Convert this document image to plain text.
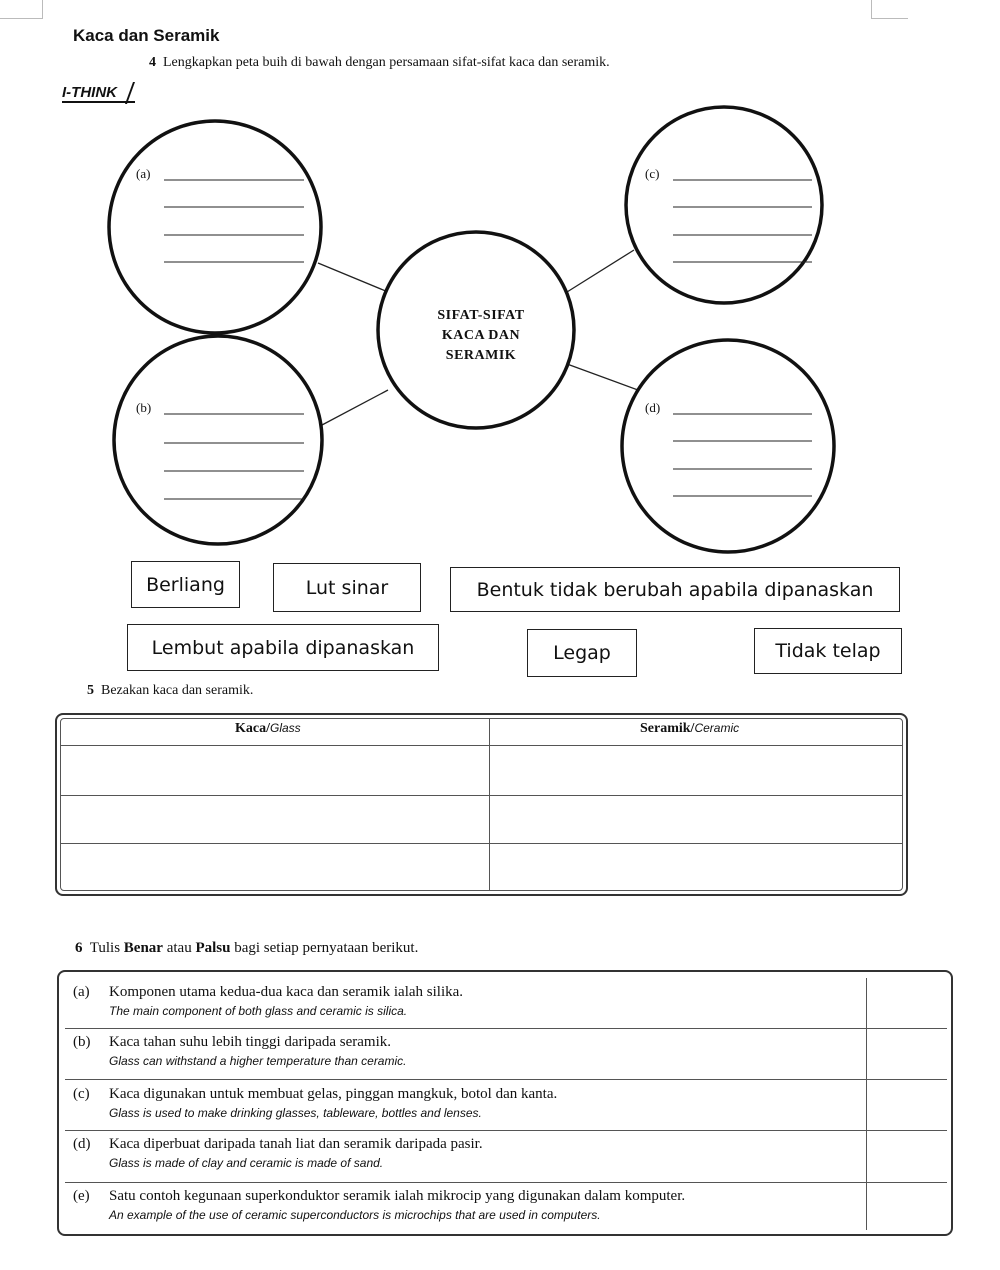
Kaca dan Seramik
4 Lengkapkan peta buih di bawah dengan persamaan sifat-sifat kaca dan seramik.
I-THINK
(a)
(b)
(c)
(d)
SIFAT-SIFAT
KACA DAN
SERAMIK
Berliang	Lut sinar	Bentuk tidak berubah apabila dipanaskan
Lembut apabila dipanaskan	Legap	Tidak telap
5 Bezakan kaca dan seramik.
Kaca/Glass	Seramik/Ceramic
6 Tulis Benar atau Palsu bagi setiap pernyataan berikut.
(a) Komponen utama kedua-dua kaca dan seramik ialah silika.
The main component of both glass and ceramic is silica.
(b) Kaca tahan suhu lebih tinggi daripada seramik.
Glass can withstand a higher temperature than ceramic.
(c) Kaca digunakan untuk membuat gelas, pinggan mangkuk, botol dan kanta.
Glass is used to make drinking glasses, tableware, bottles and lenses.
(d) Kaca diperbuat daripada tanah liat dan seramik daripada pasir.
Glass is made of clay and ceramic is made of sand.
(e) Satu contoh kegunaan superkonduktor seramik ialah mikrocip yang digunakan dalam komputer.
An example of the use of ceramic superconductors is microchips that are used in computers.
